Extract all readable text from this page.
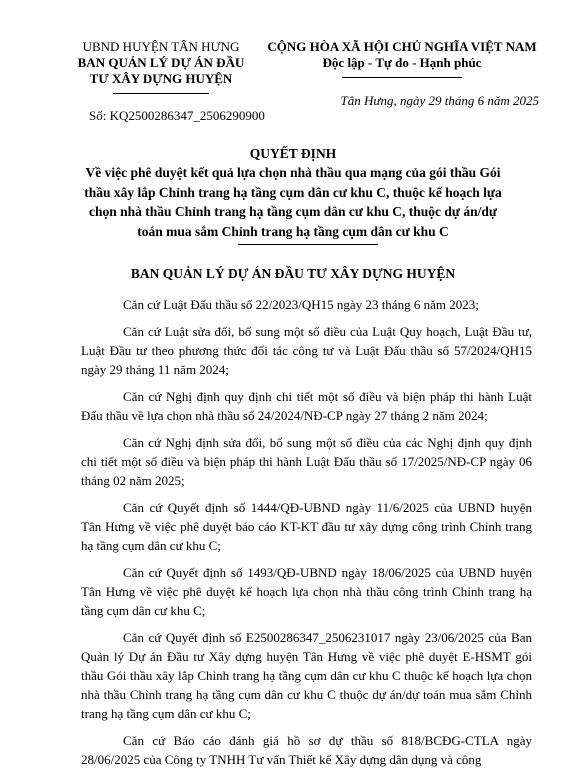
UBND HUYỆN TÂN HƯNG
BAN QUẢN LÝ DỰ ÁN ĐẦU
TƯ XÂY DỰNG HUYỆN
CỘNG HÒA XÃ HỘI CHỦ NGHĨA VIỆT NAM
Độc lập - Tự do - Hạnh phúc
Tân Hưng, ngày 29 tháng 6 năm 2025
Số: KQ2500286347_2506290900
QUYẾT ĐỊNH
Về việc phê duyệt kết quả lựa chọn nhà thầu qua mạng của gói thầu Gói thầu xây lắp Chỉnh trang hạ tầng cụm dân cư khu C, thuộc kế hoạch lựa chọn nhà thầu Chỉnh trang hạ tầng cụm dân cư khu C, thuộc dự án/dự toán mua sắm Chỉnh trang hạ tầng cụm dân cư khu C
BAN QUẢN LÝ DỰ ÁN ĐẦU TƯ XÂY DỰNG HUYỆN

Căn cứ Luật Đấu thầu số 22/2023/QH15 ngày 23 tháng 6 năm 2023;

Căn cứ Luật sửa đổi, bổ sung một số điều của Luật Quy hoạch, Luật Đầu tư, Luật Đầu tư theo phương thức đối tác công tư và Luật Đấu thầu số 57/2024/QH15 ngày 29 tháng 11 năm 2024;

Căn cứ Nghị định quy định chi tiết một số điều và biện pháp thi hành Luật Đấu thầu về lựa chọn nhà thầu số 24/2024/NĐ-CP ngày 27 tháng 2 năm 2024;

Căn cứ Nghị định sửa đổi, bổ sung một số điều của các Nghị định quy định chi tiết một số điều và biện pháp thi hành Luật Đấu thầu số 17/2025/NĐ-CP ngày 06 tháng 02 năm 2025;

Căn cứ Quyết định số 1444/QĐ-UBND ngày 11/6/2025 của UBND huyện Tân Hưng về việc phê duyệt báo cáo KT-KT đầu tư xây dựng công trình Chỉnh trang hạ tầng cụm dân cư khu C;

Căn cứ Quyết định số 1493/QĐ-UBND ngày 18/06/2025 của UBND huyện Tân Hưng về việc phê duyệt kế hoạch lựa chọn nhà thầu công trình Chỉnh trang hạ tầng cụm dân cư khu C;

Căn cứ Quyết định số E2500286347_2506231017 ngày 23/06/2025 của Ban Quản lý Dự án Đầu tư Xây dựng huyện Tân Hưng về việc phê duyệt E-HSMT gói thầu Gói thầu xây lắp Chỉnh trang hạ tầng cụm dân cư khu C thuộc kế hoạch lựa chọn nhà thầu Chỉnh trang hạ tầng cụm dân cư khu C thuộc dự án/dự toán mua sắm Chỉnh trang hạ tầng cụm dân cư khu C;

Căn cứ Báo cáo đánh giá hồ sơ dự thầu số 818/BCĐG-CTLA ngày 28/06/2025 của Công ty TNHH Tư vấn Thiết kế Xây dựng dân dụng và công
